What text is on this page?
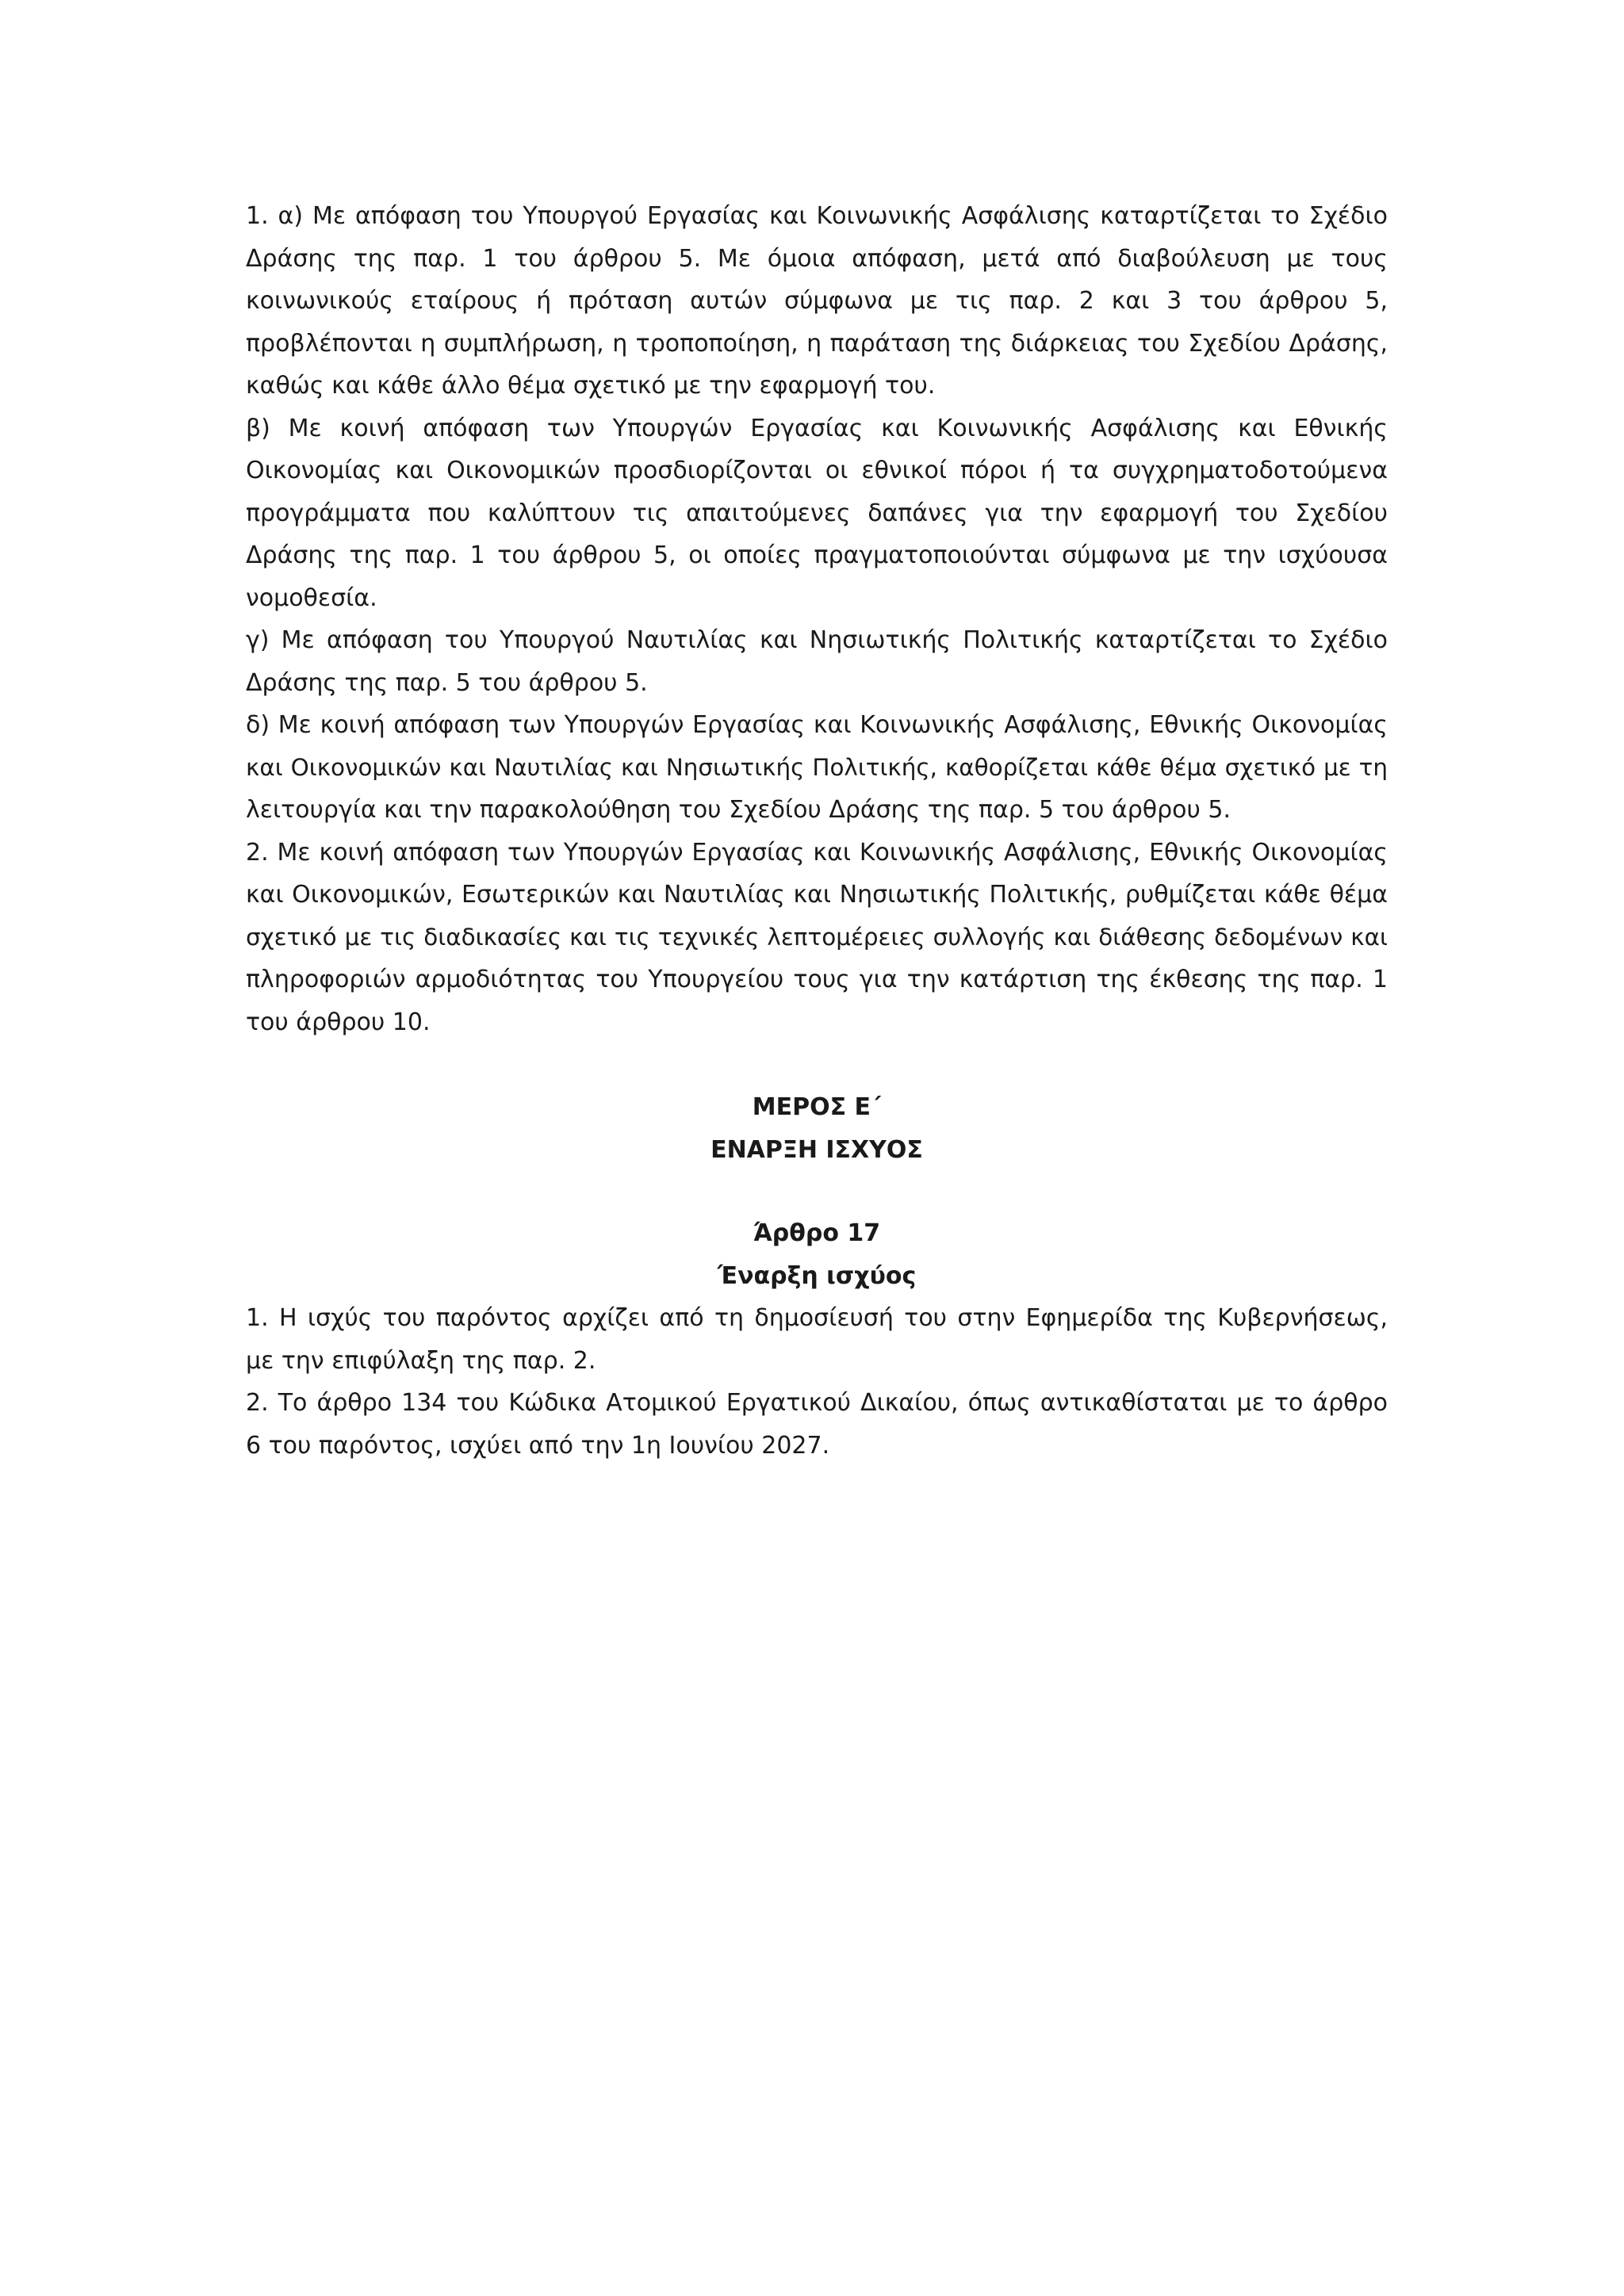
1. α) Με απόφαση του Υπουργού Εργασίας και Κοινωνικής Ασφάλισης καταρτίζεται το Σχέδιο
Δράσης της παρ. 1 του άρθρου 5. Με όμοια απόφαση, μετά από διαβούλευση με τους
κοινωνικούς εταίρους ή πρόταση αυτών σύμφωνα με τις παρ. 2 και 3 του άρθρου 5,
προβλέπονται η συμπλήρωση, η τροποποίηση, η παράταση της διάρκειας του Σχεδίου Δράσης,
καθώς και κάθε άλλο θέμα σχετικό με την εφαρμογή του.
β) Με κοινή απόφαση των Υπουργών Εργασίας και Κοινωνικής Ασφάλισης και Εθνικής
Οικονομίας και Οικονομικών προσδιορίζονται οι εθνικοί πόροι ή τα συγχρηματοδοτούμενα
προγράμματα που καλύπτουν τις απαιτούμενες δαπάνες για την εφαρμογή του Σχεδίου
Δράσης της παρ. 1 του άρθρου 5, οι οποίες πραγματοποιούνται σύμφωνα με την ισχύουσα
νομοθεσία.
γ) Με απόφαση του Υπουργού Ναυτιλίας και Νησιωτικής Πολιτικής καταρτίζεται το Σχέδιο
Δράσης της παρ. 5 του άρθρου 5.
δ) Με κοινή απόφαση των Υπουργών Εργασίας και Κοινωνικής Ασφάλισης, Εθνικής Οικονομίας
και Οικονομικών και Ναυτιλίας και Νησιωτικής Πολιτικής, καθορίζεται κάθε θέμα σχετικό με τη
λειτουργία και την παρακολούθηση του Σχεδίου Δράσης της παρ. 5 του άρθρου 5.
2. Με κοινή απόφαση των Υπουργών Εργασίας και Κοινωνικής Ασφάλισης, Εθνικής Οικονομίας
και Οικονομικών, Εσωτερικών και Ναυτιλίας και Νησιωτικής Πολιτικής, ρυθμίζεται κάθε θέμα
σχετικό με τις διαδικασίες και τις τεχνικές λεπτομέρειες συλλογής και διάθεσης δεδομένων και
πληροφοριών αρμοδιότητας του Υπουργείου τους για την κατάρτιση της έκθεσης της παρ. 1
του άρθρου 10.
ΜΕΡΟΣ Ε΄
ΕΝΑΡΞΗ ΙΣΧΥΟΣ
Άρθρο 17
Έναρξη ισχύος
1. Η ισχύς του παρόντος αρχίζει από τη δημοσίευσή του στην Εφημερίδα της Κυβερνήσεως,
με την επιφύλαξη της παρ. 2.
2. Το άρθρο 134 του Κώδικα Ατομικού Εργατικού Δικαίου, όπως αντικαθίσταται με το άρθρο
6 του παρόντος, ισχύει από την 1η Ιουνίου 2027.
